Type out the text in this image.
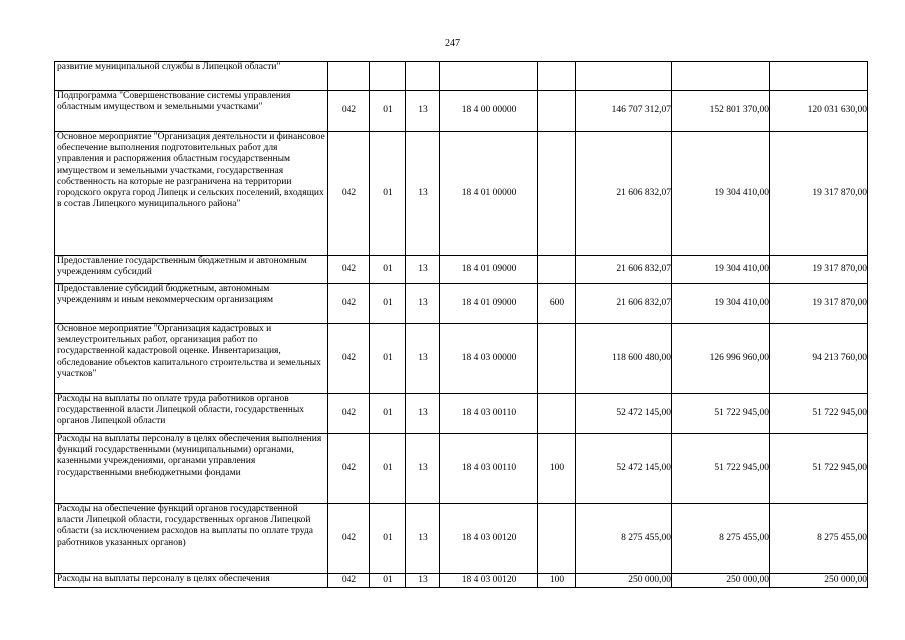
247
развитие муниципальной службы в Липецкой области"								
Подпрограмма "Совершенствование системы управления областным имуществом и земельными участками"	042	01	13	18 4 00 00000		146 707 312,07	152 801 370,00	120 031 630,00
Основное мероприятие "Организация деятельности и финансовое обеспечение выполнения подготовительных работ для управления и распоряжения областным государственным имуществом и земельными участками, государственная собственность на которые не разграничена на территории городского округа город Липецк и сельских поселений, входящих в состав Липецкого муниципального района"	042	01	13	18 4 01 00000		21 606 832,07	19 304 410,00	19 317 870,00
Предоставление государственным бюджетным и автономным учреждениям субсидий	042	01	13	18 4 01 09000		21 606 832,07	19 304 410,00	19 317 870,00
Предоставление субсидий бюджетным, автономным учреждениям и иным некоммерческим организациям	042	01	13	18 4 01 09000	600	21 606 832,07	19 304 410,00	19 317 870,00
Основное мероприятие "Организация кадастровых и землеустроительных работ, организация работ по государственной кадастровой оценке. Инвентаризация, обследование объектов капитального строительства и земельных участков"	042	01	13	18 4 03 00000		118 600 480,00	126 996 960,00	94 213 760,00
Расходы на выплаты по оплате труда работников органов государственной власти Липецкой области, государственных органов Липецкой области	042	01	13	18 4 03 00110		52 472 145,00	51 722 945,00	51 722 945,00
Расходы на выплаты персоналу в целях обеспечения выполнения функций государственными (муниципальными) органами, казенными учреждениями, органами управления государственными внебюджетными фондами	042	01	13	18 4 03 00110	100	52 472 145,00	51 722 945,00	51 722 945,00
Расходы на обеспечение функций органов государственной власти Липецкой области, государственных органов Липецкой области (за исключением расходов на выплаты по оплате труда работников указанных органов)	042	01	13	18 4 03 00120		8 275 455,00	8 275 455,00	8 275 455,00
Расходы на выплаты персоналу в целях обеспечения	042	01	13	18 4 03 00120	100	250 000,00	250 000,00	250 000,00
